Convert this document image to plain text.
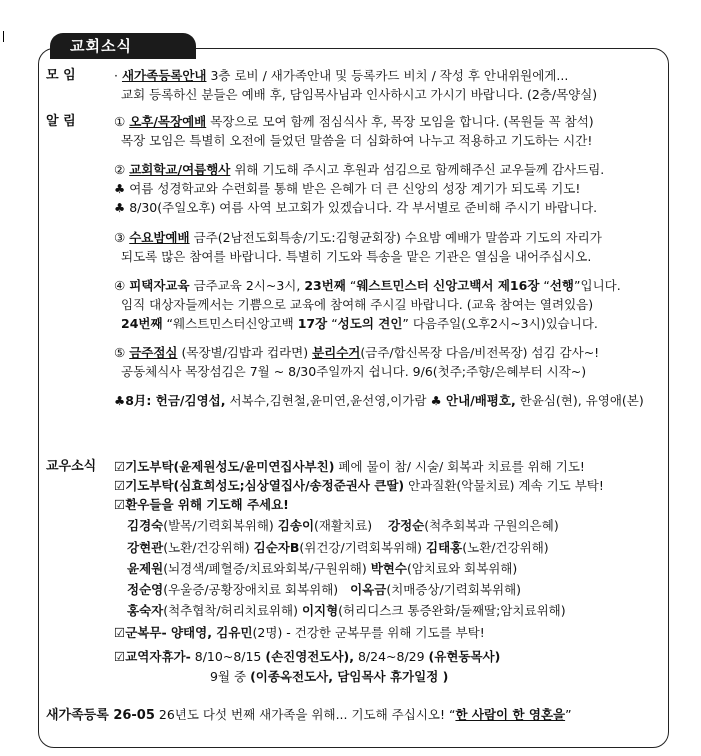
교회소식
모 임	· 새가족등록안내 3층 로비 / 새가족안내 및 등록카드 비치 / 작성 후 안내위원에게...
교회 등록하신 분들은 예배 후, 담임목사님과 인사하시고 가시기 바랍니다. (2층/목양실)
알 림	① 오후/목장예배 목장으로 모여 함께 점심식사 후, 목장 모임을 합니다. (목원들 꼭 참석)
목장 모임은 특별히 오전에 들었던 말씀을 더 심화하여 나누고 적용하고 기도하는 시간!
② 교회학교/여름행사 위해 기도해 주시고 후원과 섬김으로 함께해주신 교우들께 감사드림.
♣ 여름 성경학교와 수련회를 통해 받은 은혜가 더 큰 신앙의 성장 계기가 되도록 기도!
♣ 8/30(주일오후) 여름 사역 보고회가 있겠습니다. 각 부서별로 준비해 주시기 바랍니다.
③ 수요밤예배 금주(2남전도회특송/기도:김형균회장) 수요밤 예배가 말씀과 기도의 자리가
되도록 많은 참여를 바랍니다. 특별히 기도와 특송을 맡은 기관은 열심을 내어주십시오.
④ 피택자교육 금주교육 2시~3시, 23번째 “웨스트민스터 신앙고백서 제16장 “선행”입니다.
임직 대상자들께서는 기쁨으로 교육에 참여해 주시길 바랍니다. (교육 참여는 열려있음)
24번째 “웨스트민스터신앙고백 17장 “성도의 견인” 다음주일(오후2시~3시)있습니다.
⑤ 금주점심 (목장별/김밥과 컵라면) 분리수거(금주/합신목장 다음/비전목장) 섬김 감사~!
공동체식사 목장섬김은 7월 ~ 8/30주일까지 쉽니다. 9/6(첫주;주향/은혜부터 시작~)
♣8月: 헌금/김영섭, 서복수,김현철,윤미연,윤선영,이가람 ♣ 안내/배평호, 한윤심(현), 유영애(본)
교우소식 ☑기도부탁(윤제원성도/윤미연집사부친) 폐에 물이 참/ 시술/ 회복과 치료를 위해 기도!
☑기도부탁(심효희성도;심상열집사/송정준권사 큰딸) 안과질환(악물치료) 계속 기도 부탁!
☑환우들을 위해 기도해 주세요!
김경숙(발목/기력회복위해) 김송이(재활치료) 강정순(척추회복과 구원의은혜)
강현관(노환/건강위해) 김순자B(위건강/기력회복위해) 김태홍(노환/건강위해)
윤제원(뇌경색/폐혈증/치료와회복/구원위해) 박현수(암치료와 회복위해)
정순영(우울증/공황장애치료 회복위해) 이옥금(치매증상/기력회복위해)
홍숙자(척추협착/허리치료위해) 이지형(허리디스크 통증완화/둘째딸;암치료위해)
☑군복무- 양태영, 김유민(2명) - 건강한 군복무를 위해 기도를 부탁!
☑교역자휴가- 8/10~8/15 (손진영전도사), 8/24~8/29 (유현동목사)
9월 중 (이종옥전도사, 담임목사 휴가일정 )
새가족등록 26-05 26년도 다섯 번째 새가족을 위해... 기도해 주십시오! “한 사람이 한 영혼을”
